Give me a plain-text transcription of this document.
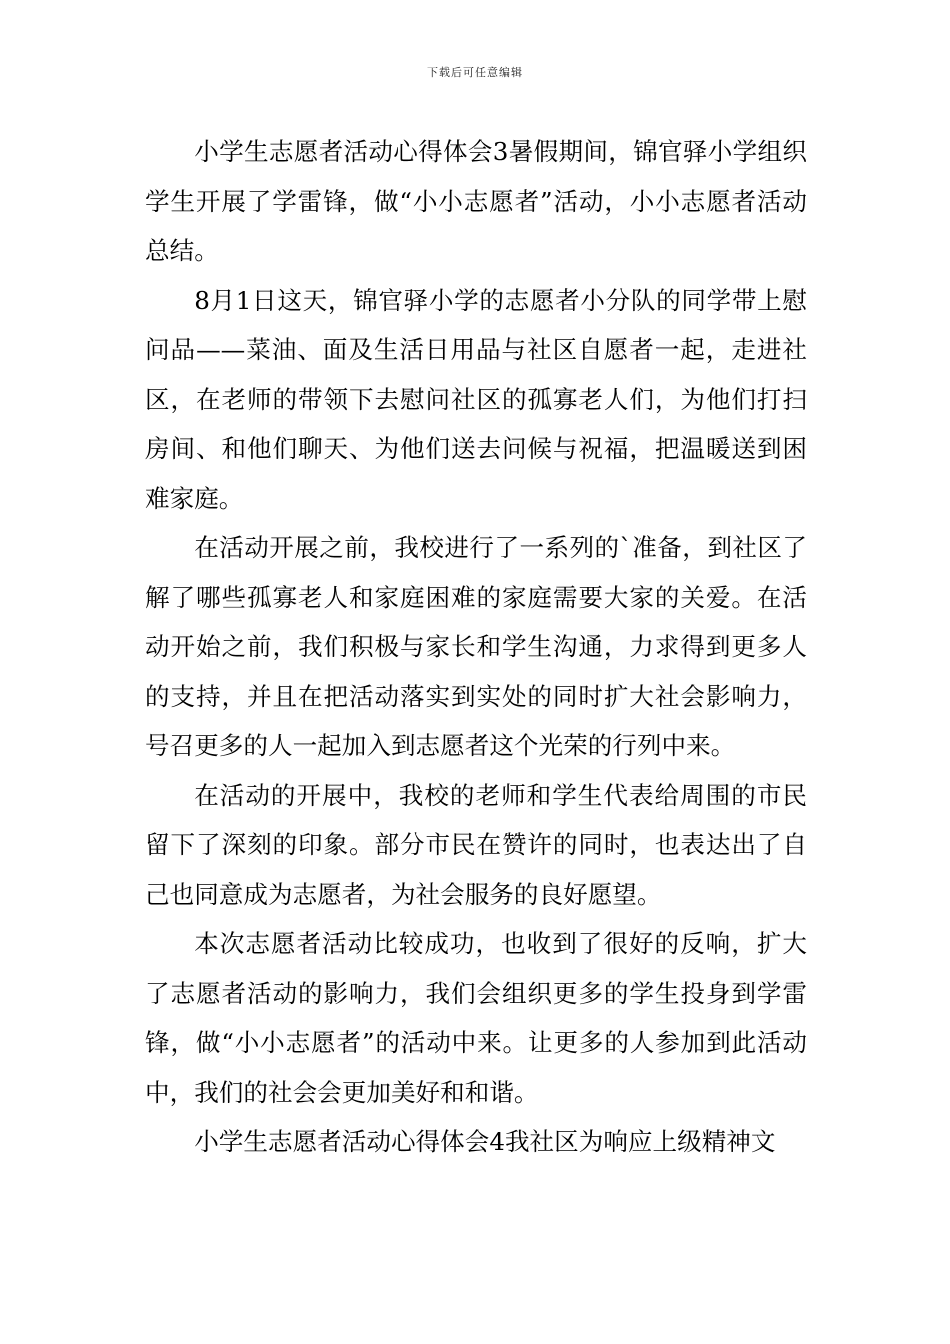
下载后可任意编辑

小学生志愿者活动心得体会3暑假期间，锦官驿小学组织学生开展了学雷锋，做“小小志愿者”活动，小小志愿者活动总结。

8月1日这天，锦官驿小学的志愿者小分队的同学带上慰问品——菜油、面及生活日用品与社区自愿者一起，走进社区，在老师的带领下去慰问社区的孤寡老人们，为他们打扫房间、和他们聊天、为他们送去问候与祝福，把温暖送到困难家庭。

在活动开展之前，我校进行了一系列的`准备，到社区了解了哪些孤寡老人和家庭困难的家庭需要大家的关爱。在活动开始之前，我们积极与家长和学生沟通，力求得到更多人的支持，并且在把活动落实到实处的同时扩大社会影响力，号召更多的人一起加入到志愿者这个光荣的行列中来。

在活动的开展中，我校的老师和学生代表给周围的市民留下了深刻的印象。部分市民在赞许的同时，也表达出了自己也同意成为志愿者，为社会服务的良好愿望。

本次志愿者活动比较成功，也收到了很好的反响，扩大了志愿者活动的影响力，我们会组织更多的学生投身到学雷锋，做“小小志愿者”的活动中来。让更多的人参加到此活动中，我们的社会会更加美好和和谐。

小学生志愿者活动心得体会4我社区为响应上级精神文
